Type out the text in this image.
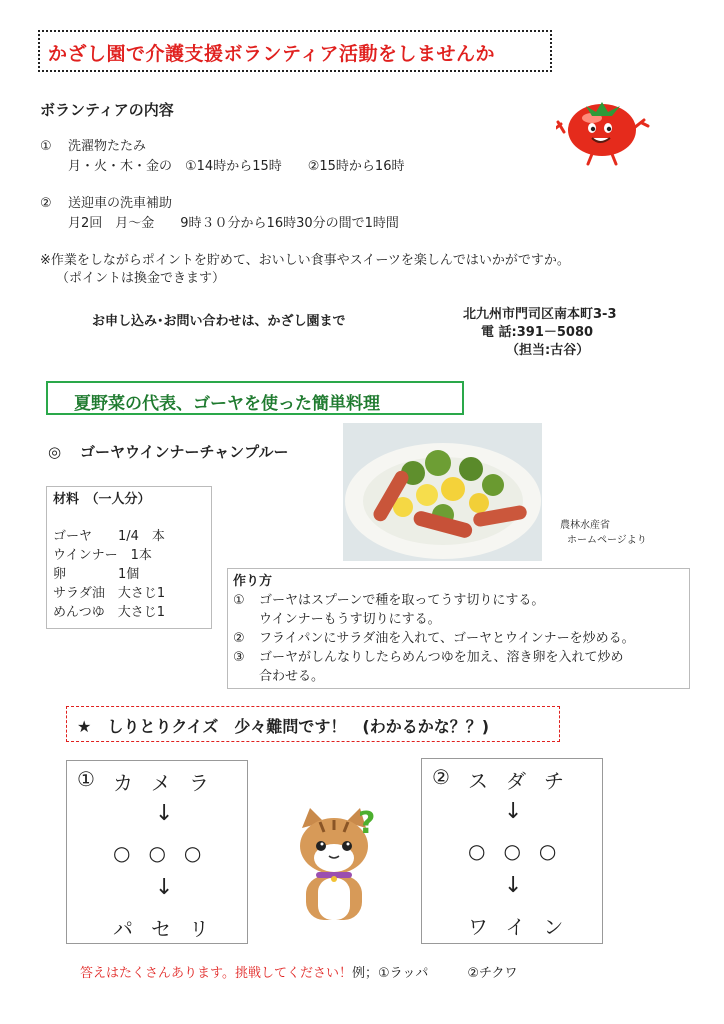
かざし園で介護支援ボランティア活動をしませんか
ボランティアの内容
① 洗濯物たたみ
月・火・木・金の　①14時から15時　　②15時から16時
② 送迎車の洗車補助
月2回　月～金　　9時３０分から16時30分の間で1時間
※作業をしながらポイントを貯めて、おいしい食事やスイーツを楽しんではいかがですか。
（ポイントは換金できます）
お申し込み･お問い合わせは、かざし園まで	北九州市門司区南本町3-3
電 話:391－5080
（担当:古谷）
夏野菜の代表、ゴーヤを使った簡単料理
◎ ゴーヤウインナーチャンプルー
農林水産省
ホームページより
材料　（一人分）
ゴーヤ　　1/4　本
ウインナー　1本
卵　　　　1個
サラダ油　大さじ1
めんつゆ　大さじ1
作り方
① ゴーヤはスプーンで種を取ってうす切りにする。
ウインナーもうす切りにする。
② フライパンにサラダ油を入れて、ゴーヤとウインナーを炒める。
③ ゴーヤがしんなりしたらめんつゆを加え、溶き卵を入れて炒め
合わせる。
★　しりとりクイズ　少々難問です！　(わかるかな？？)
① カメラ
↓
○○○
↓
パセリ
② スダチ
↓
○○○
↓
ワイン
?
答えはたくさんあります。挑戦してください！例；①ラッパ　　　②チクワ
